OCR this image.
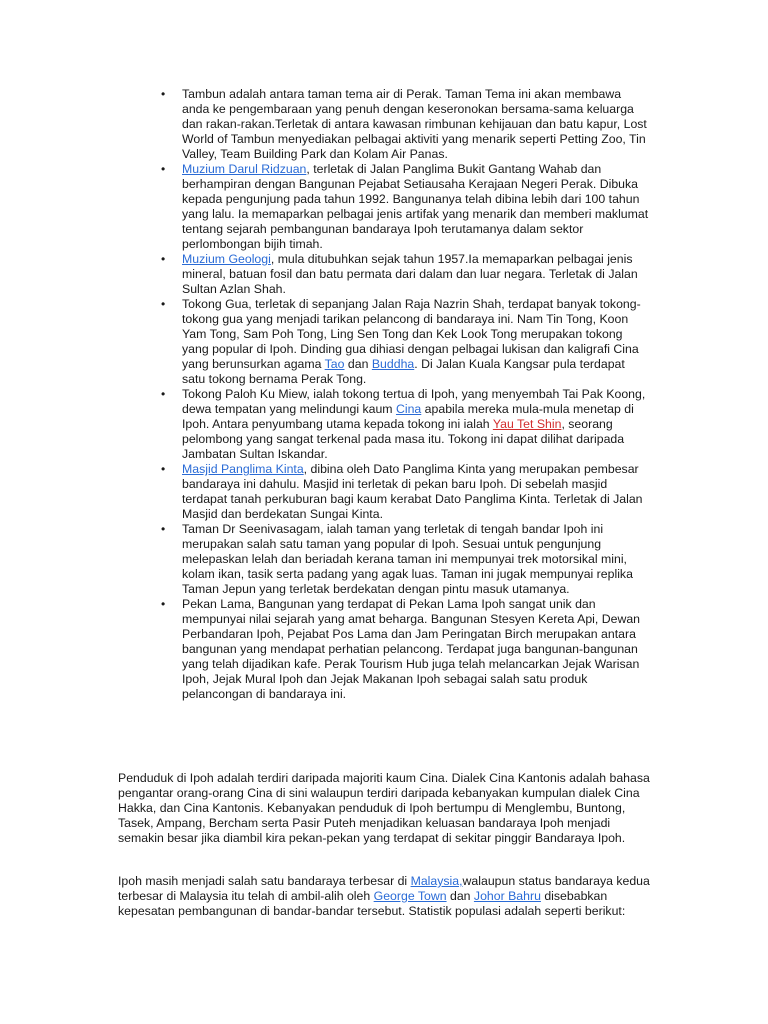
• Tambun adalah antara taman tema air di Perak. Taman Tema ini akan membawa anda ke pengembaraan yang penuh dengan keseronokan bersama-sama keluarga dan rakan-rakan.Terletak di antara kawasan rimbunan kehijauan dan batu kapur, Lost World of Tambun menyediakan pelbagai aktiviti yang menarik seperti Petting Zoo, Tin Valley, Team Building Park dan Kolam Air Panas.
• Muzium Darul Ridzuan, terletak di Jalan Panglima Bukit Gantang Wahab dan berhampiran dengan Bangunan Pejabat Setiausaha Kerajaan Negeri Perak. Dibuka kepada pengunjung pada tahun 1992. Bangunanya telah dibina lebih dari 100 tahun yang lalu. Ia memaparkan pelbagai jenis artifak yang menarik dan memberi maklumat tentang sejarah pembangunan bandaraya Ipoh terutamanya dalam sektor perlombongan bijih timah.
• Muzium Geologi, mula ditubuhkan sejak tahun 1957.Ia memaparkan pelbagai jenis mineral, batuan fosil dan batu permata dari dalam dan luar negara. Terletak di Jalan Sultan Azlan Shah.
• Tokong Gua, terletak di sepanjang Jalan Raja Nazrin Shah, terdapat banyak tokong-tokong gua yang menjadi tarikan pelancong di bandaraya ini. Nam Tin Tong, Koon Yam Tong, Sam Poh Tong, Ling Sen Tong dan Kek Look Tong merupakan tokong yang popular di Ipoh. Dinding gua dihiasi dengan pelbagai lukisan dan kaligrafi Cina yang berunsurkan agama Tao dan Buddha. Di Jalan Kuala Kangsar pula terdapat satu tokong bernama Perak Tong.
• Tokong Paloh Ku Miew, ialah tokong tertua di Ipoh, yang menyembah Tai Pak Koong, dewa tempatan yang melindungi kaum Cina apabila mereka mula-mula menetap di Ipoh. Antara penyumbang utama kepada tokong ini ialah Yau Tet Shin, seorang pelombong yang sangat terkenal pada masa itu. Tokong ini dapat dilihat daripada Jambatan Sultan Iskandar.
• Masjid Panglima Kinta, dibina oleh Dato Panglima Kinta yang merupakan pembesar bandaraya ini dahulu. Masjid ini terletak di pekan baru Ipoh. Di sebelah masjid terdapat tanah perkuburan bagi kaum kerabat Dato Panglima Kinta. Terletak di Jalan Masjid dan berdekatan Sungai Kinta.
• Taman Dr Seenivasagam, ialah taman yang terletak di tengah bandar Ipoh ini merupakan salah satu taman yang popular di Ipoh. Sesuai untuk pengunjung melepaskan lelah dan beriadah kerana taman ini mempunyai trek motorsikal mini, kolam ikan, tasik serta padang yang agak luas. Taman ini jugak mempunyai replika Taman Jepun yang terletak berdekatan dengan pintu masuk utamanya.
• Pekan Lama, Bangunan yang terdapat di Pekan Lama Ipoh sangat unik dan mempunyai nilai sejarah yang amat beharga. Bangunan Stesyen Kereta Api, Dewan Perbandaran Ipoh, Pejabat Pos Lama dan Jam Peringatan Birch merupakan antara bangunan yang mendapat perhatian pelancong. Terdapat juga bangunan-bangunan yang telah dijadikan kafe. Perak Tourism Hub juga telah melancarkan Jejak Warisan Ipoh, Jejak Mural Ipoh dan Jejak Makanan Ipoh sebagai salah satu produk pelancongan di bandaraya ini.

Penduduk di Ipoh adalah terdiri daripada majoriti kaum Cina. Dialek Cina Kantonis adalah bahasa pengantar orang-orang Cina di sini walaupun terdiri daripada kebanyakan kumpulan dialek Cina Hakka, dan Cina Kantonis. Kebanyakan penduduk di Ipoh bertumpu di Menglembu, Buntong, Tasek, Ampang, Bercham serta Pasir Puteh menjadikan keluasan bandaraya Ipoh menjadi semakin besar jika diambil kira pekan-pekan yang terdapat di sekitar pinggir Bandaraya Ipoh.

Ipoh masih menjadi salah satu bandaraya terbesar di Malaysia,walaupun status bandaraya kedua terbesar di Malaysia itu telah di ambil-alih oleh George Town dan Johor Bahru disebabkan kepesatan pembangunan di bandar-bandar tersebut. Statistik populasi adalah seperti berikut:
